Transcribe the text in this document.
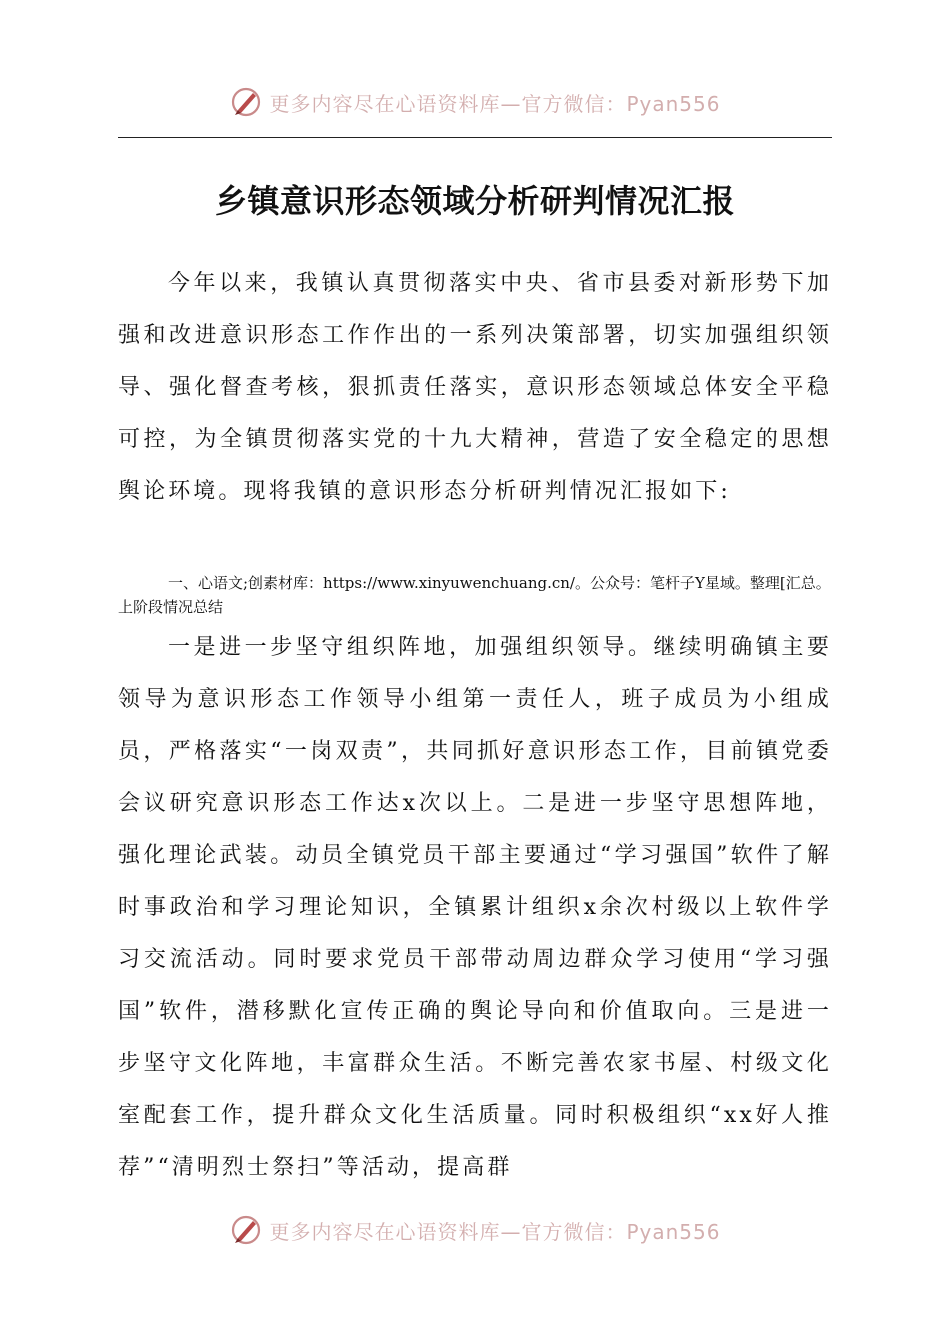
更多内容尽在心语资料库—官方微信：Pyan556
乡镇意识形态领域分析研判情况汇报
今年以来，我镇认真贯彻落实中央、省市县委对新形势下加强和改进意识形态工作作出的一系列决策部署，切实加强组织领导、强化督查考核，狠抓责任落实，意识形态领域总体安全平稳可控，为全镇贯彻落实党的十九大精神，营造了安全稳定的思想舆论环境。现将我镇的意识形态分析研判情况汇报如下:
一、心语文;创素材库：https://www.xinyuwenchuang.cn/。公众号：笔杆子Y星域。整理[汇总。上阶段情况总结
一是进一步坚守组织阵地，加强组织领导。继续明确镇主要领导为意识形态工作领导小组第一责任人，班子成员为小组成员，严格落实“一岗双责”，共同抓好意识形态工作，目前镇党委会议研究意识形态工作达x次以上。二是进一步坚守思想阵地，强化理论武装。动员全镇党员干部主要通过“学习强国”软件了解时事政治和学习理论知识，全镇累计组织x余次村级以上软件学习交流活动。同时要求党员干部带动周边群众学习使用“学习强国”软件，潜移默化宣传正确的舆论导向和价值取向。三是进一步坚守文化阵地，丰富群众生活。不断完善农家书屋、村级文化室配套工作，提升群众文化生活质量。同时积极组织“xx好人推荐”“清明烈士祭扫”等活动，提高群
更多内容尽在心语资料库—官方微信：Pyan556
